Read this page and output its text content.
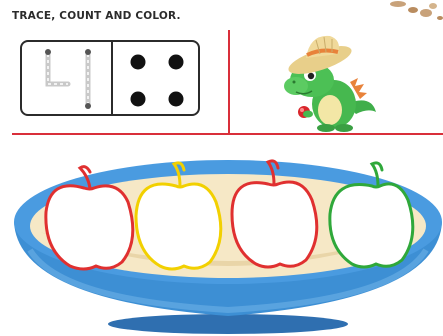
TRACE, COUNT AND COLOR.
